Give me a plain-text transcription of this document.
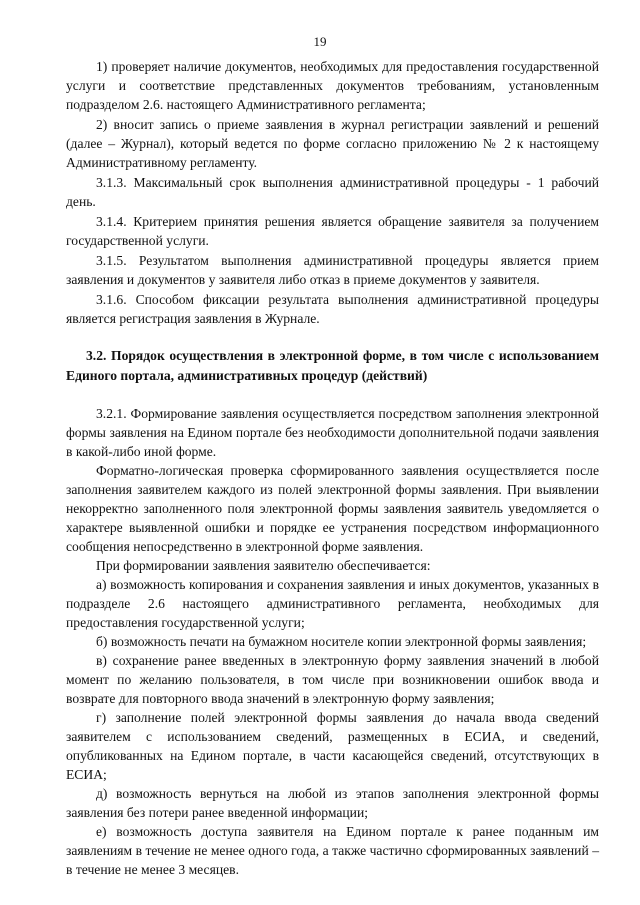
19

1) проверяет наличие документов, необходимых для предоставления государственной услуги и соответствие представленных документов требованиям, установленным подразделом 2.6. настоящего Административного регламента;

2) вносит запись о приеме заявления в журнал регистрации заявлений и решений (далее – Журнал), который ведется по форме согласно приложению № 2 к настоящему Административному регламенту.

3.1.3. Максимальный срок выполнения административной процедуры - 1 рабочий день.

3.1.4. Критерием принятия решения является обращение заявителя за получением государственной услуги.

3.1.5. Результатом выполнения административной процедуры является прием заявления и документов у заявителя либо отказ в приеме документов у заявителя.

3.1.6. Способом фиксации результата выполнения административной процедуры является регистрация заявления в Журнале.

3.2. Порядок осуществления в электронной форме, в том числе с использованием Единого портала, административных процедур (действий)

3.2.1. Формирование заявления осуществляется посредством заполнения электронной формы заявления на Едином портале без необходимости дополнительной подачи заявления в какой-либо иной форме.

Форматно-логическая проверка сформированного заявления осуществляется после заполнения заявителем каждого из полей электронной формы заявления. При выявлении некорректно заполненного поля электронной формы заявления заявитель уведомляется о характере выявленной ошибки и порядке ее устранения посредством информационного сообщения непосредственно в электронной форме заявления.

При формировании заявления заявителю обеспечивается:

а) возможность копирования и сохранения заявления и иных документов, указанных в подразделе 2.6 настоящего административного регламента, необходимых для предоставления государственной услуги;

б) возможность печати на бумажном носителе копии электронной формы заявления;

в) сохранение ранее введенных в электронную форму заявления значений в любой момент по желанию пользователя, в том числе при возникновении ошибок ввода и возврате для повторного ввода значений в электронную форму заявления;

г) заполнение полей электронной формы заявления до начала ввода сведений заявителем с использованием сведений, размещенных в ЕСИА, и сведений, опубликованных на Едином портале, в части касающейся сведений, отсутствующих в ЕСИА;

д) возможность вернуться на любой из этапов заполнения электронной формы заявления без потери ранее введенной информации;

е) возможность доступа заявителя на Едином портале к ранее поданным им заявлениям в течение не менее одного года, а также частично сформированных заявлений – в течение не менее 3 месяцев.
